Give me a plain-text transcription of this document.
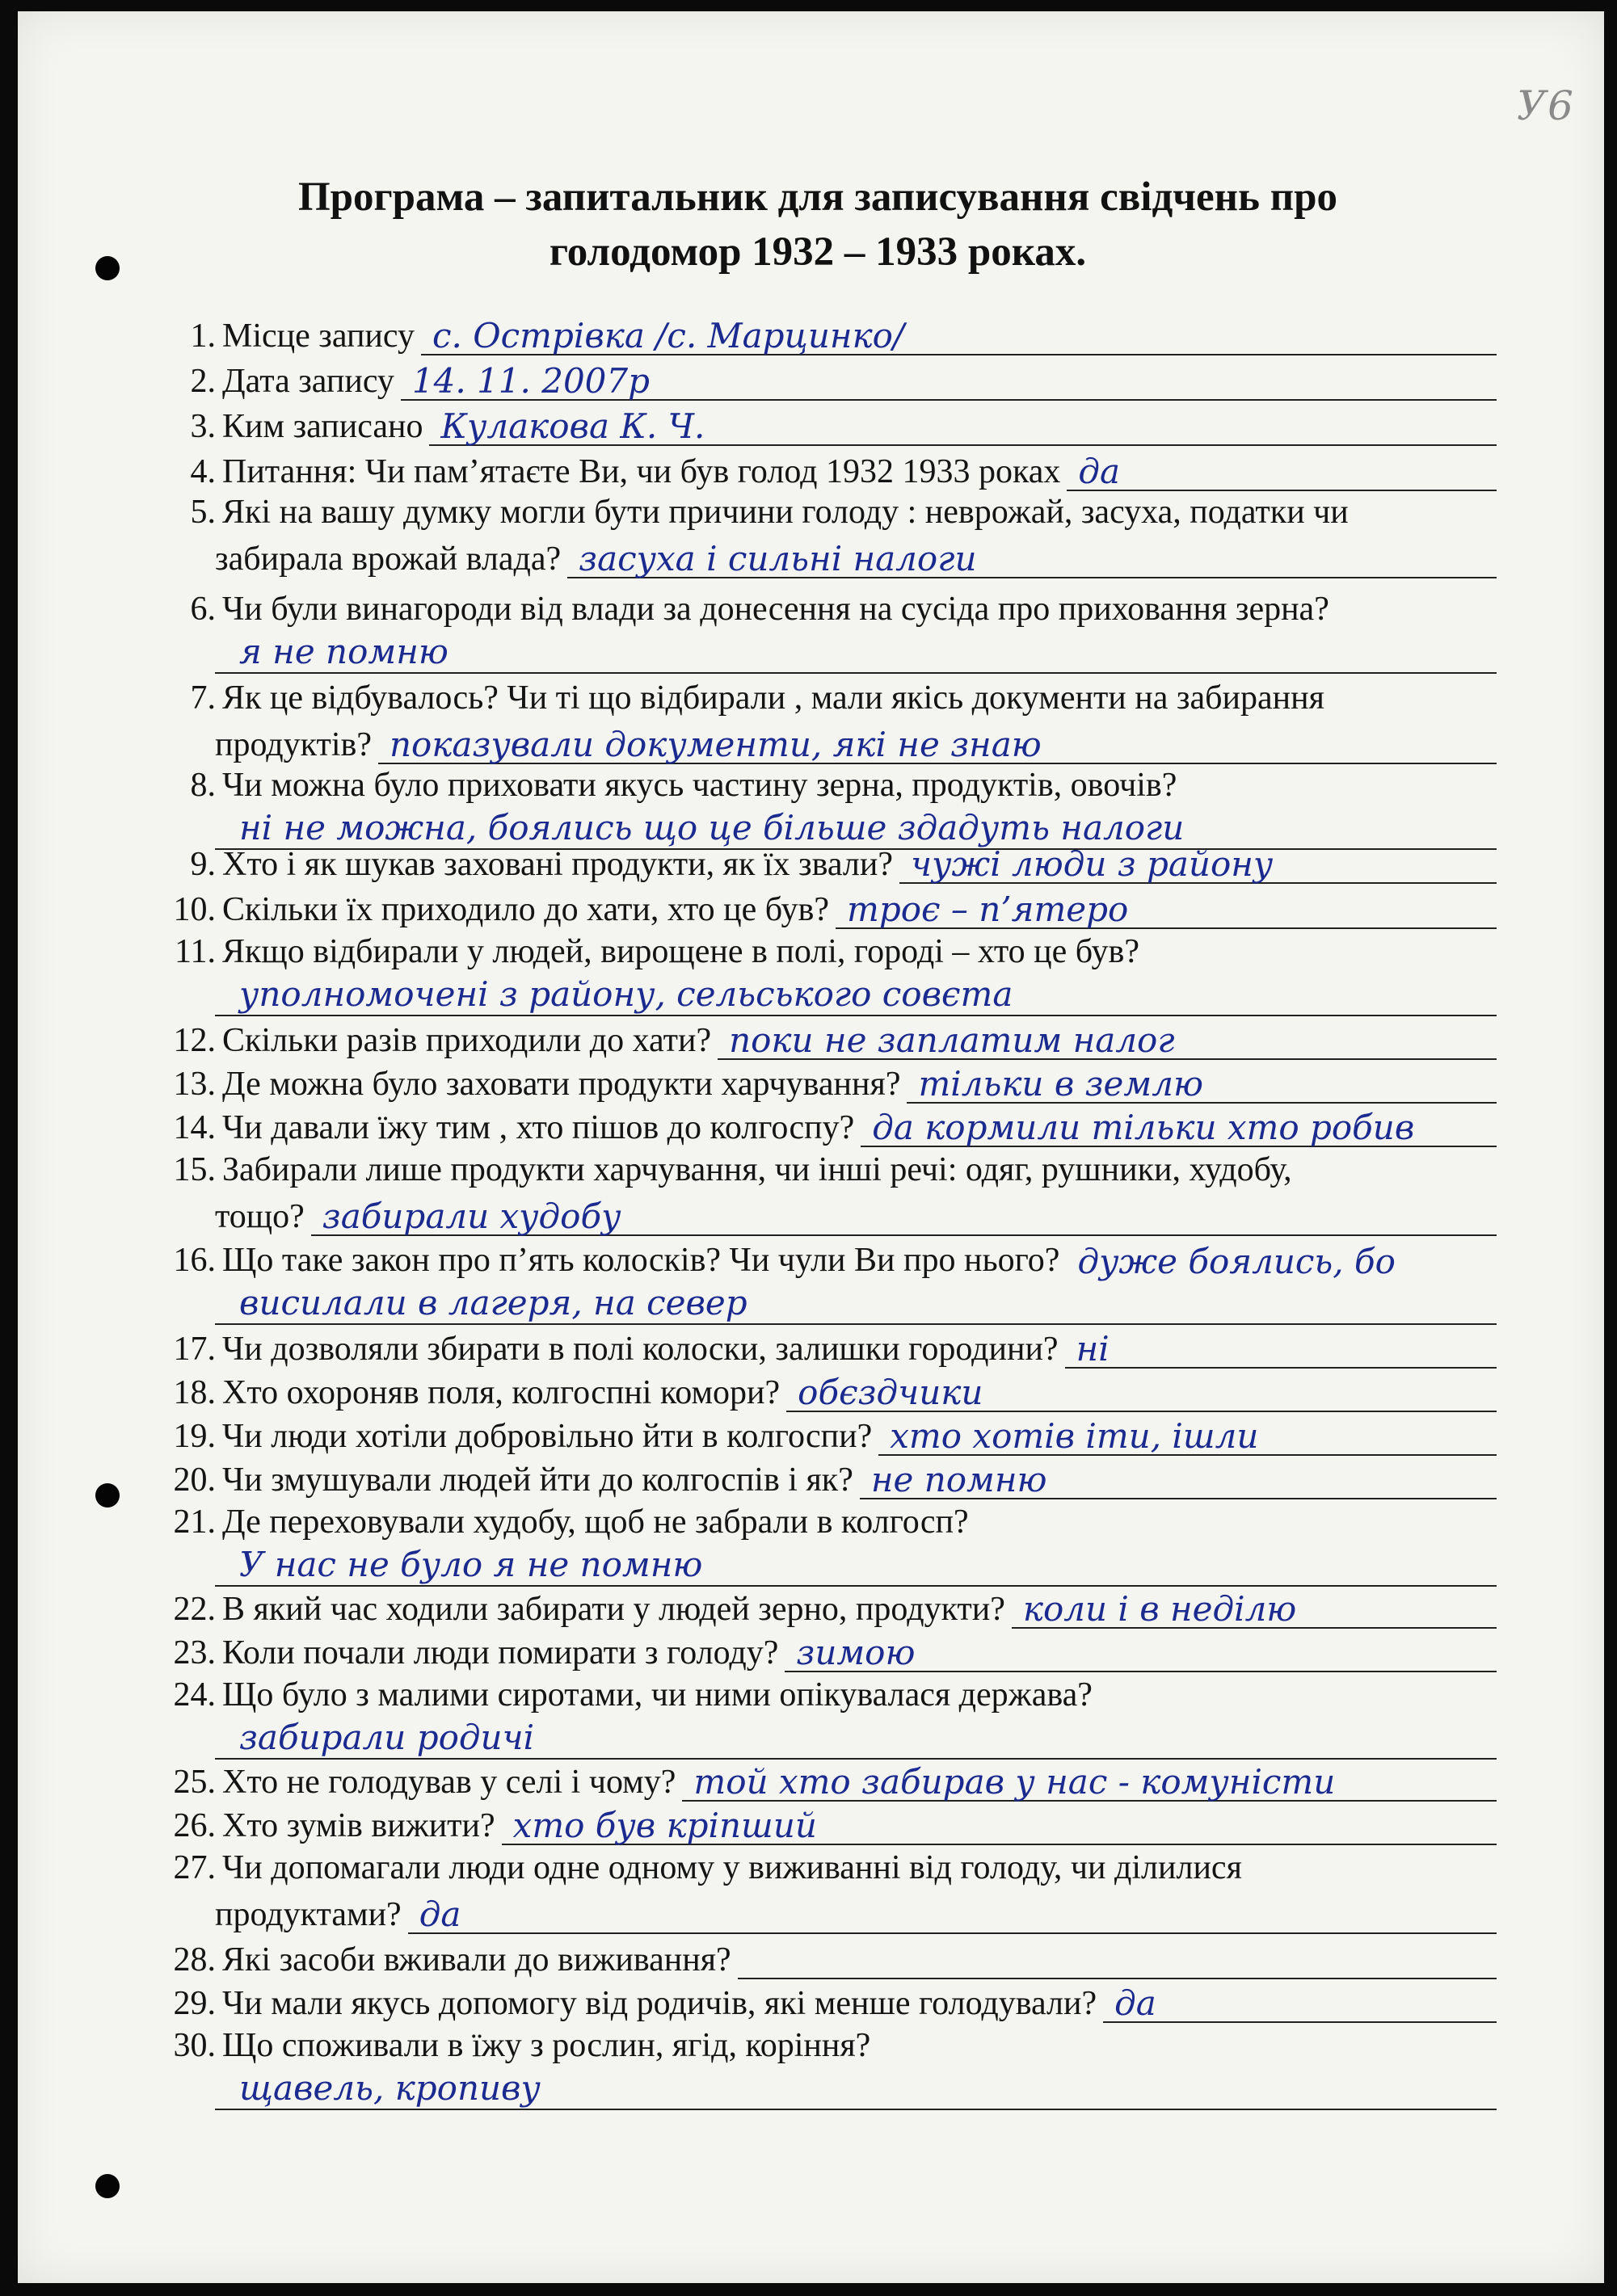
У6
Програма – запитальник для записування свідчень про
голодомор 1932 – 1933 роках.
1. Місце запису с. Острівка /с. Марцинко/
2. Дата запису 14. 11. 2007р
3. Ким записано Кулакова К. Ч.
4. Питання: Чи пам’ятаєте Ви, чи був голод 1932 1933 роках да
5. Які на вашу думку могли бути причини голоду : неврожай, засуха, податки чи
забирала врожай влада? засуха і сильні налоги
6. Чи були винагороди від влади за донесення на сусіда про приховання зерна?
я не помню
7. Як це відбувалось? Чи ті що відбирали , мали якісь документи на забирання
продуктів? показували документи, які не знаю
8. Чи можна було приховати якусь частину зерна, продуктів, овочів?
ні не можна, боялись що це більше здадуть налоги
9. Хто і як шукав заховані продукти, як їх звали? чужі люди з району
10. Скільки їх приходило до хати, хто це був? троє – п’ятеро
11. Якщо відбирали у людей, вирощене в полі, городі – хто це був?
уполномочені з району, сельського совєта
12. Скільки разів приходили до хати? поки не заплатим налог
13. Де можна було заховати продукти харчування? тільки в землю
14. Чи давали їжу тим , хто пішов до колгоспу? да кормили тільки хто робив
15. Забирали лише продукти харчування, чи інші речі: одяг, рушники, худобу,
тощо? забирали худобу
16. Що таке закон про п’ять колосків? Чи чули Ви про нього? дуже боялись, бо
висилали в лагеря, на север
17. Чи дозволяли збирати в полі колоски, залишки городини? ні
18. Хто охороняв поля, колгоспні комори? обєздчики
19. Чи люди хотіли добровільно йти в колгоспи? хто хотів іти, ішли
20. Чи змушували людей йти до колгоспів і як? не помню
21. Де переховували худобу, щоб не забрали в колгосп?
У нас не було я не помню
22. В який час ходили забирати у людей зерно, продукти? коли і в неділю
23. Коли почали люди помирати з голоду? зимою
24. Що було з малими сиротами, чи ними опікувалася держава?
забирали родичі
25. Хто не голодував у селі і чому? той хто забирав у нас - комуністи
26. Хто зумів вижити? хто був кріпший
27. Чи допомагали люди одне одному у виживанні від голоду, чи ділилися
продуктами? да
28. Які засоби вживали до виживання?
29. Чи мали якусь допомогу від родичів, які менше голодували? да
30. Що споживали в їжу з рослин, ягід, коріння?
щавель, кропиву
